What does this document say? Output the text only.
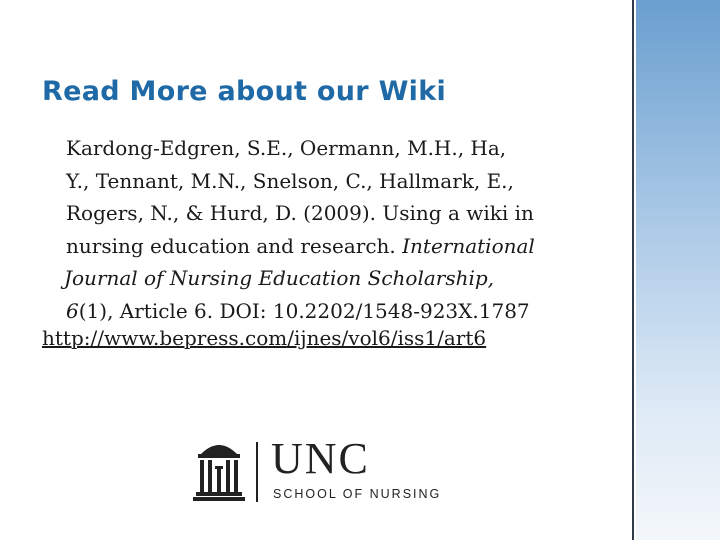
Read More about our Wiki
Kardong-Edgren, S.E., Oermann, M.H., Ha,
Y., Tennant, M.N., Snelson, C., Hallmark, E.,
Rogers, N., & Hurd, D. (2009). Using a wiki in
nursing education and research. International
Journal of Nursing Education Scholarship,
6(1), Article 6. DOI: 10.2202/1548-923X.1787
http://www.bepress.com/ijnes/vol6/iss1/art6
UNC
SCHOOL OF NURSING
